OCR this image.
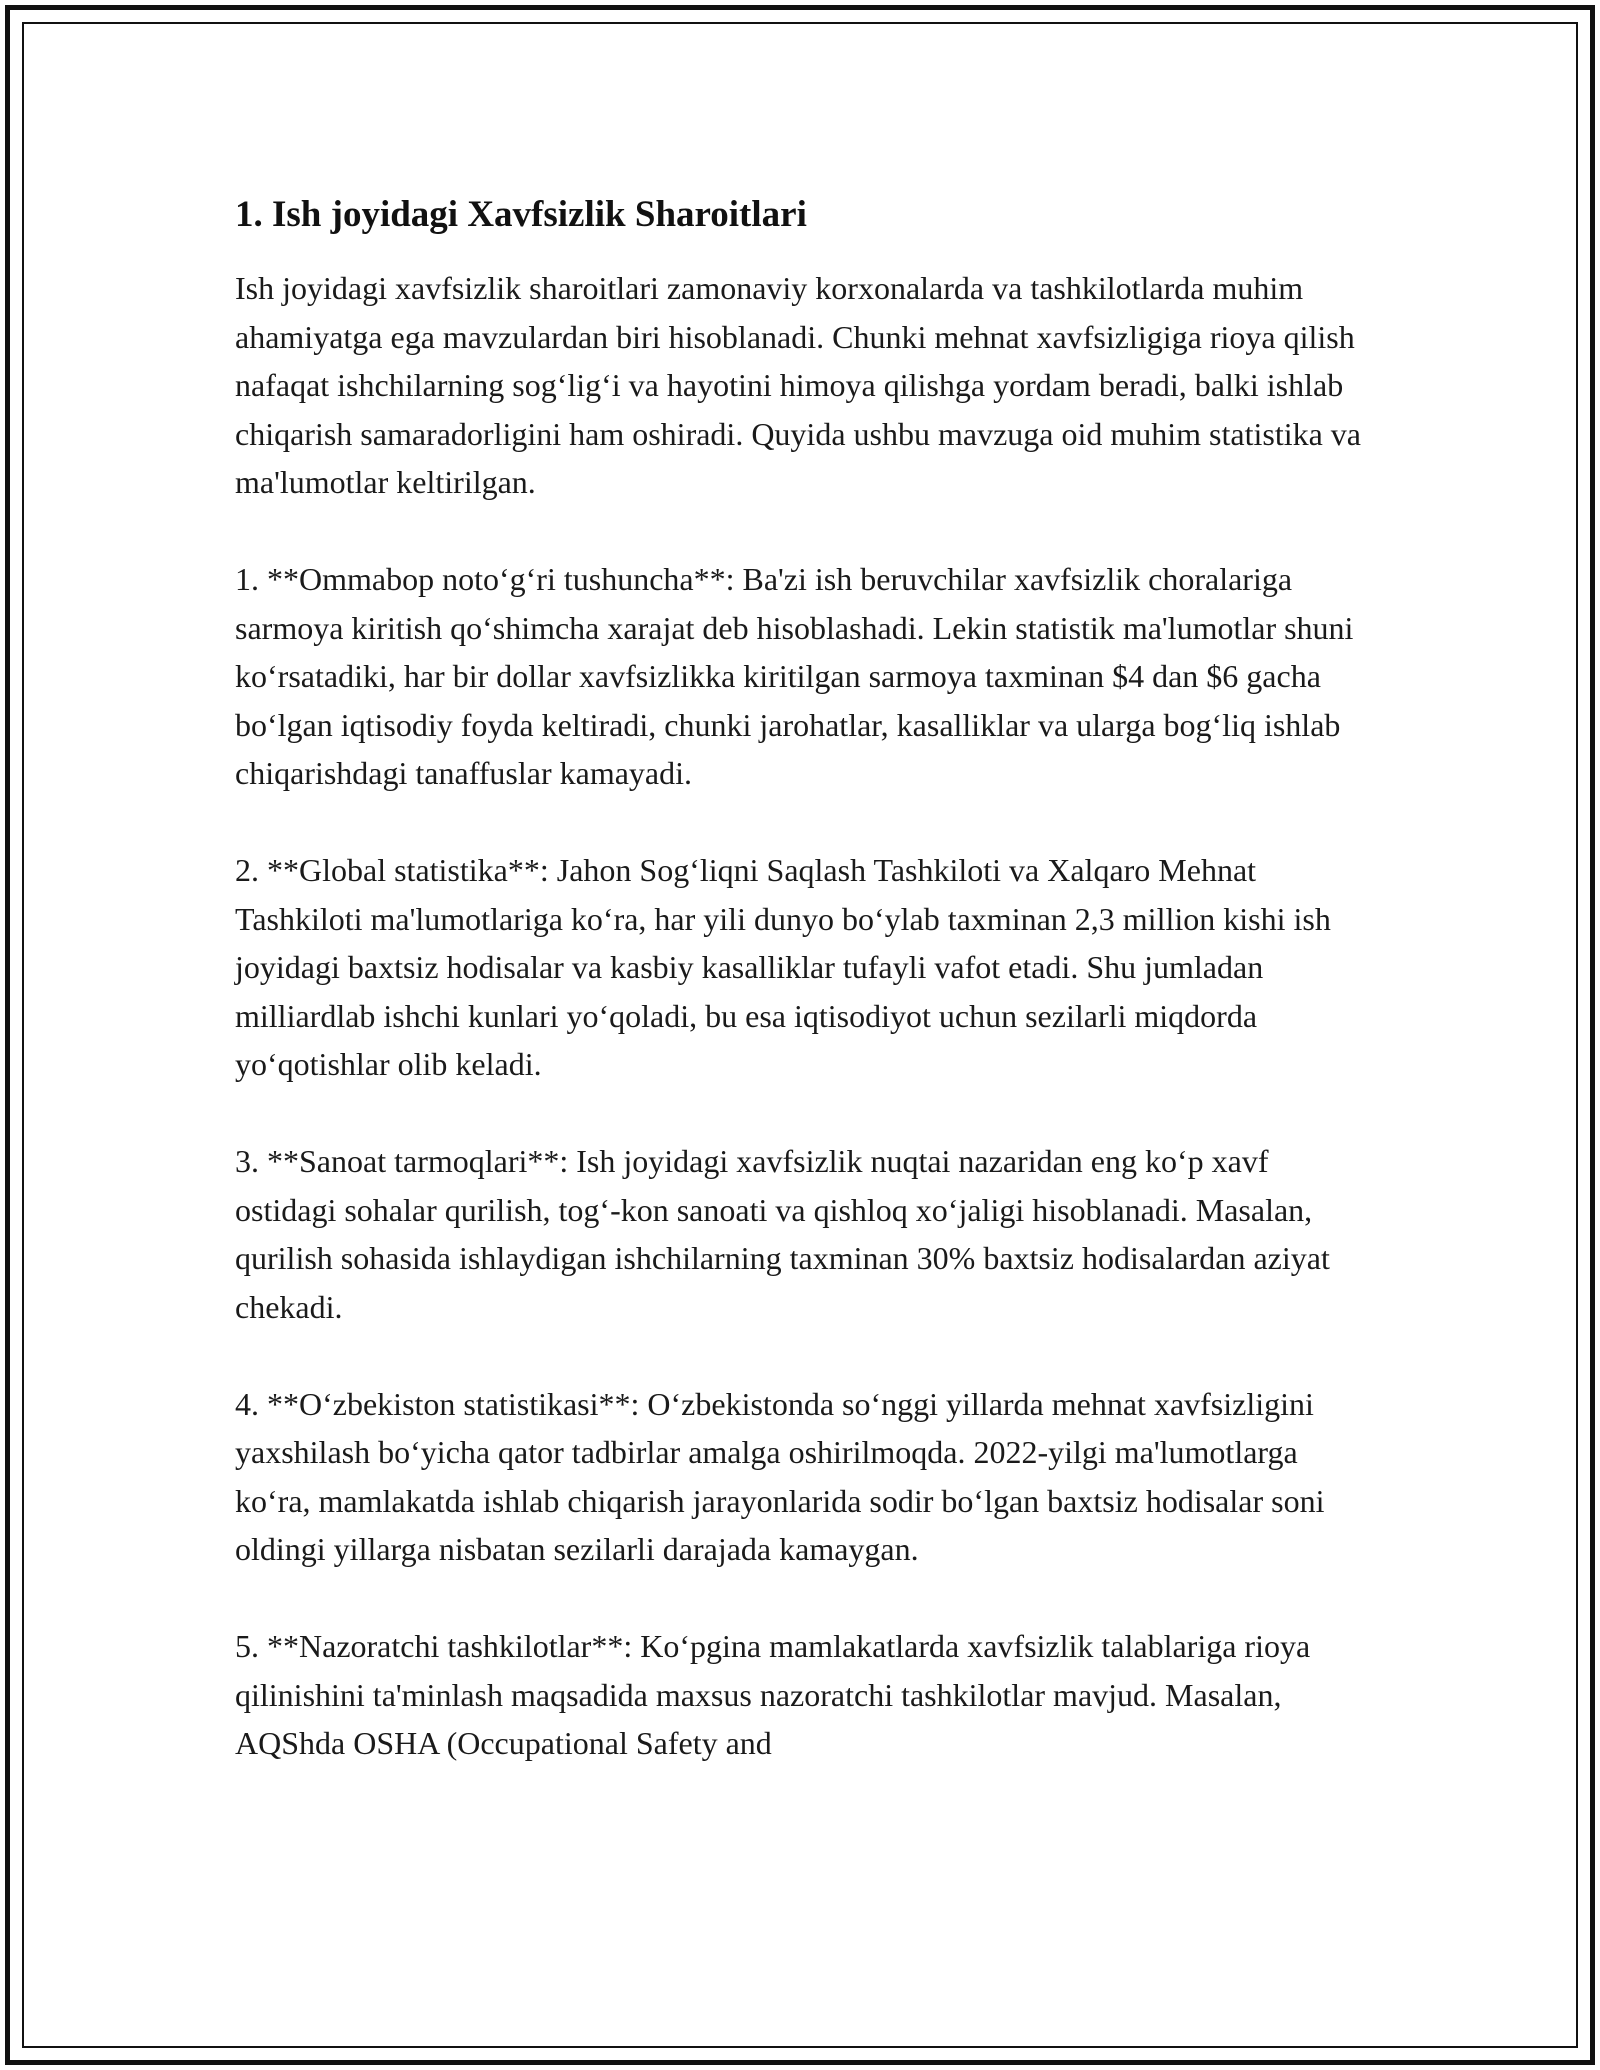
1. Ish joyidagi Xavfsizlik Sharoitlari

Ish joyidagi xavfsizlik sharoitlari zamonaviy korxonalarda va tashkilotlarda muhim ahamiyatga ega mavzulardan biri hisoblanadi. Chunki mehnat xavfsizligiga rioya qilish nafaqat ishchilarning sog‘lig‘i va hayotini himoya qilishga yordam beradi, balki ishlab chiqarish samaradorligini ham oshiradi. Quyida ushbu mavzuga oid muhim statistika va ma'lumotlar keltirilgan.

1. **Ommabop noto‘g‘ri tushuncha**: Ba'zi ish beruvchilar xavfsizlik choralariga sarmoya kiritish qo‘shimcha xarajat deb hisoblashadi. Lekin statistik ma'lumotlar shuni ko‘rsatadiki, har bir dollar xavfsizlikka kiritilgan sarmoya taxminan $4 dan $6 gacha bo‘lgan iqtisodiy foyda keltiradi, chunki jarohatlar, kasalliklar va ularga bog‘liq ishlab chiqarishdagi tanaffuslar kamayadi.

2. **Global statistika**: Jahon Sog‘liqni Saqlash Tashkiloti va Xalqaro Mehnat Tashkiloti ma'lumotlariga ko‘ra, har yili dunyo bo‘ylab taxminan 2,3 million kishi ish joyidagi baxtsiz hodisalar va kasbiy kasalliklar tufayli vafot etadi. Shu jumladan milliardlab ishchi kunlari yo‘qoladi, bu esa iqtisodiyot uchun sezilarli miqdorda yo‘qotishlar olib keladi.

3. **Sanoat tarmoqlari**: Ish joyidagi xavfsizlik nuqtai nazaridan eng ko‘p xavf ostidagi sohalar qurilish, tog‘-kon sanoati va qishloq xo‘jaligi hisoblanadi. Masalan, qurilish sohasida ishlaydigan ishchilarning taxminan 30% baxtsiz hodisalardan aziyat chekadi.

4. **O‘zbekiston statistikasi**: O‘zbekistonda so‘nggi yillarda mehnat xavfsizligini yaxshilash bo‘yicha qator tadbirlar amalga oshirilmoqda. 2022-yilgi ma'lumotlarga ko‘ra, mamlakatda ishlab chiqarish jarayonlarida sodir bo‘lgan baxtsiz hodisalar soni oldingi yillarga nisbatan sezilarli darajada kamaygan.

5. **Nazoratchi tashkilotlar**: Ko‘pgina mamlakatlarda xavfsizlik talablariga rioya qilinishini ta'minlash maqsadida maxsus nazoratchi tashkilotlar mavjud. Masalan, AQShda OSHA (Occupational Safety and
